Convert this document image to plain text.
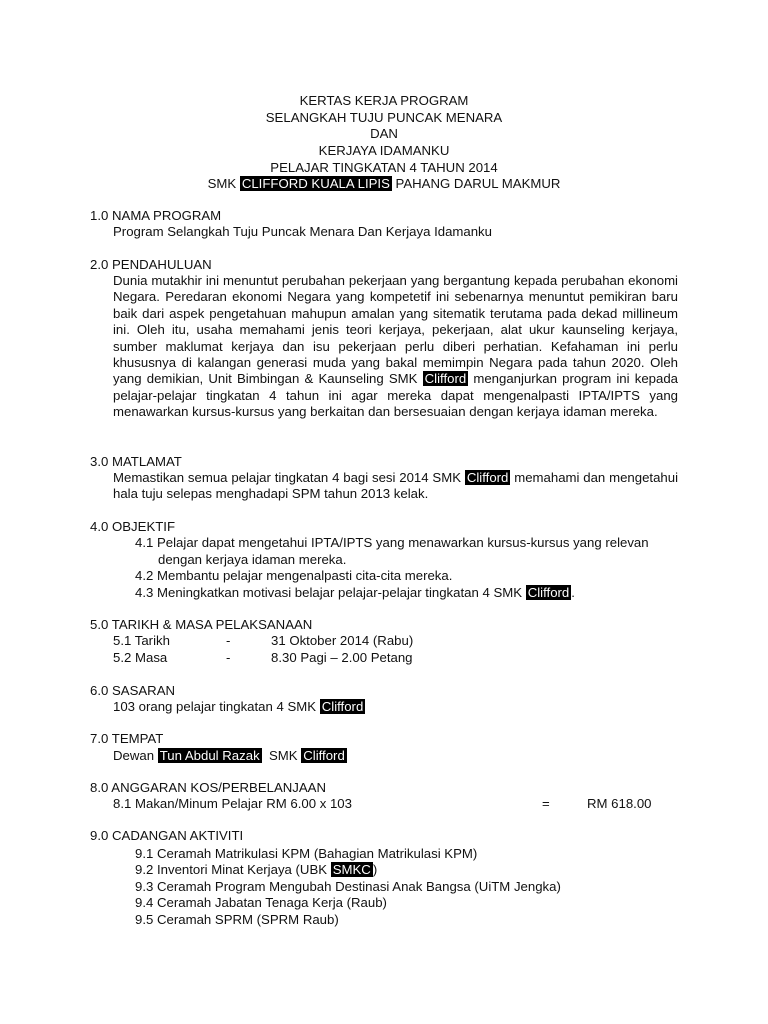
KERTAS KERJA PROGRAM
SELANGKAH TUJU PUNCAK MENARA
DAN
KERJAYA IDAMANKU
PELAJAR TINGKATAN 4 TAHUN 2014
SMK CLIFFORD KUALA LIPIS PAHANG DARUL MAKMUR
1.0 NAMA PROGRAM
Program Selangkah Tuju Puncak Menara Dan Kerjaya Idamanku
2.0 PENDAHULUAN
Dunia mutakhir ini menuntut perubahan pekerjaan yang bergantung kepada perubahan ekonomi Negara. Peredaran ekonomi Negara yang kompetetif ini sebenarnya menuntut pemikiran baru baik dari aspek pengetahuan mahupun amalan yang sitematik terutama pada dekad millineum ini. Oleh itu, usaha memahami jenis teori kerjaya, pekerjaan, alat ukur kaunseling kerjaya, sumber maklumat kerjaya dan isu pekerjaan perlu diberi perhatian. Kefahaman ini perlu khususnya di kalangan generasi muda yang bakal memimpin Negara pada tahun 2020. Oleh yang demikian, Unit Bimbingan & Kaunseling SMK Clifford menganjurkan program ini kepada pelajar-pelajar tingkatan 4 tahun ini agar mereka dapat mengenalpasti IPTA/IPTS yang menawarkan kursus-kursus yang berkaitan dan bersesuaian dengan kerjaya idaman mereka.
3.0 MATLAMAT
Memastikan semua pelajar tingkatan 4 bagi sesi 2014 SMK Clifford memahami dan mengetahui hala tuju selepas menghadapi SPM tahun 2013 kelak.
4.0 OBJEKTIF
4.1 Pelajar dapat mengetahui IPTA/IPTS yang menawarkan kursus-kursus yang relevan
dengan kerjaya idaman mereka.
4.2 Membantu pelajar mengenalpasti cita-cita mereka.
4.3 Meningkatkan motivasi belajar pelajar-pelajar tingkatan 4 SMK Clifford .
5.0 TARIKH & MASA PELAKSANAAN
5.1 Tarikh	-	31 Oktober 2014 (Rabu)
5.2 Masa	-	8.30 Pagi – 2.00 Petang
6.0 SASARAN
103 orang pelajar tingkatan 4 SMK Clifford
7.0 TEMPAT
Dewan Tun Abdul Razak  SMK Clifford
8.0 ANGGARAN KOS/PERBELANJAAN
8.1 Makan/Minum Pelajar RM 6.00 x 103	=	RM 618.00
9.0 CADANGAN AKTIVITI
9.1 Ceramah Matrikulasi KPM (Bahagian Matrikulasi KPM)
9.2 Inventori Minat Kerjaya (UBK SMKC )
9.3 Ceramah Program Mengubah Destinasi Anak Bangsa (UiTM Jengka)
9.4 Ceramah Jabatan Tenaga Kerja (Raub)
9.5 Ceramah SPRM (SPRM Raub)
